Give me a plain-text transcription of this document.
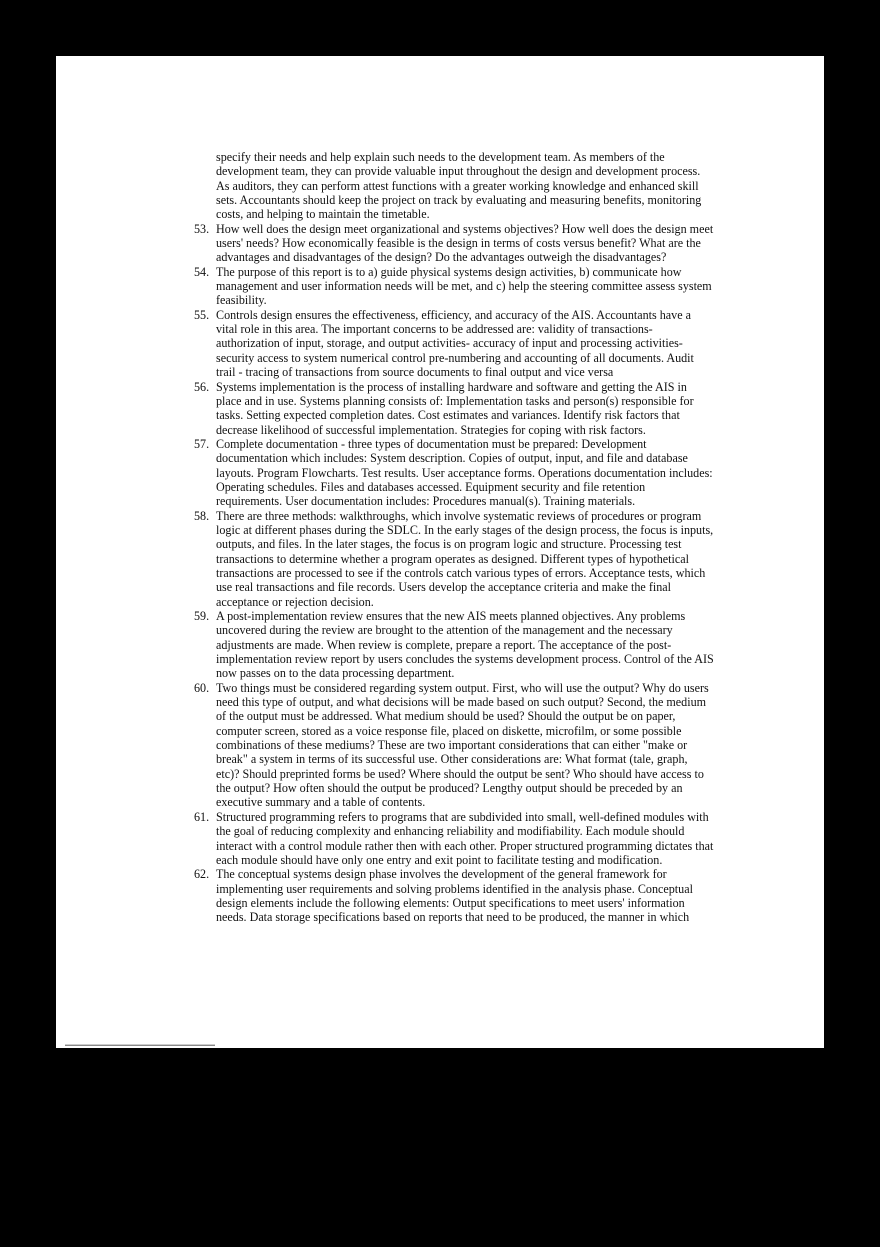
specify their needs and help explain such needs to the development team. As members of the development team, they can provide valuable input throughout the design and development process. As auditors, they can perform attest functions with a greater working knowledge and enhanced skill sets. Accountants should keep the project on track by evaluating and measuring benefits, monitoring costs, and helping to maintain the timetable.

53. How well does the design meet organizational and systems objectives? How well does the design meet users' needs? How economically feasible is the design in terms of costs versus benefit? What are the advantages and disadvantages of the design? Do the advantages outweigh the disadvantages?

54. The purpose of this report is to a) guide physical systems design activities, b) communicate how management and user information needs will be met, and c) help the steering committee assess system feasibility.

55. Controls design ensures the effectiveness, efficiency, and accuracy of the AIS. Accountants have a vital role in this area. The important concerns to be addressed are: validity of transactions- authorization of input, storage, and output activities- accuracy of input and processing activities- security access to system numerical control pre-numbering and accounting of all documents. Audit trail - tracing of transactions from source documents to final output and vice versa

56. Systems implementation is the process of installing hardware and software and getting the AIS in place and in use. Systems planning consists of: Implementation tasks and person(s) responsible for tasks. Setting expected completion dates. Cost estimates and variances. Identify risk factors that decrease likelihood of successful implementation. Strategies for coping with risk factors.

57. Complete documentation - three types of documentation must be prepared: Development documentation which includes: System description. Copies of output, input, and file and database layouts. Program Flowcharts. Test results. User acceptance forms. Operations documentation includes: Operating schedules. Files and databases accessed. Equipment security and file retention requirements. User documentation includes: Procedures manual(s). Training materials.

58. There are three methods: walkthroughs, which involve systematic reviews of procedures or program logic at different phases during the SDLC. In the early stages of the design process, the focus is inputs, outputs, and files. In the later stages, the focus is on program logic and structure. Processing test transactions to determine whether a program operates as designed. Different types of hypothetical transactions are processed to see if the controls catch various types of errors. Acceptance tests, which use real transactions and file records. Users develop the acceptance criteria and make the final acceptance or rejection decision.

59. A post-implementation review ensures that the new AIS meets planned objectives. Any problems uncovered during the review are brought to the attention of the management and the necessary adjustments are made. When review is complete, prepare a report. The acceptance of the post-implementation review report by users concludes the systems development process. Control of the AIS now passes on to the data processing department.

60. Two things must be considered regarding system output. First, who will use the output? Why do users need this type of output, and what decisions will be made based on such output? Second, the medium of the output must be addressed. What medium should be used? Should the output be on paper, computer screen, stored as a voice response file, placed on diskette, microfilm, or some possible combinations of these mediums? These are two important considerations that can either "make or break" a system in terms of its successful use. Other considerations are: What format (tale, graph, etc)? Should preprinted forms be used? Where should the output be sent? Who should have access to the output? How often should the output be produced? Lengthy output should be preceded by an executive summary and a table of contents.

61. Structured programming refers to programs that are subdivided into small, well-defined modules with the goal of reducing complexity and enhancing reliability and modifiability. Each module should interact with a control module rather then with each other. Proper structured programming dictates that each module should have only one entry and exit point to facilitate testing and modification.

62. The conceptual systems design phase involves the development of the general framework for implementing user requirements and solving problems identified in the analysis phase. Conceptual design elements include the following elements: Output specifications to meet users' information needs. Data storage specifications based on reports that need to be produced, the manner in which
